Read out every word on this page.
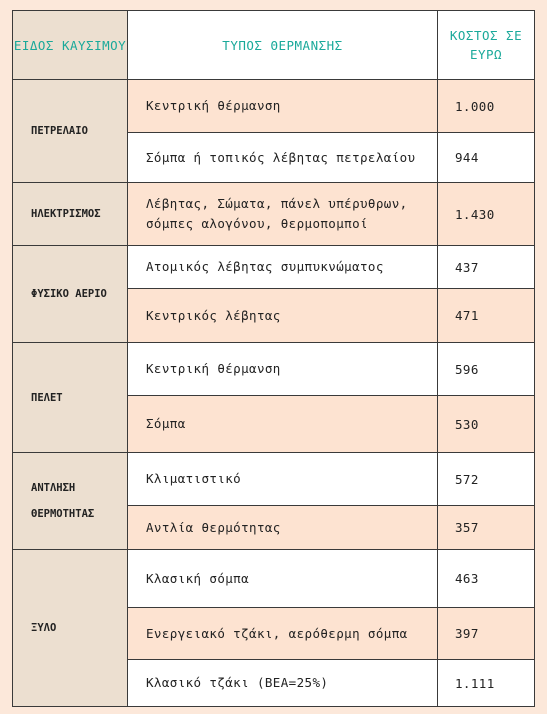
ΕΙΔΟΣ ΚΑΥΣΙΜΟΥ	ΤΥΠΟΣ ΘΕΡΜΑΝΣΗΣ	ΚΟΣΤΟΣ ΣΕ ΕΥΡΩ
ΠΕΤΡΕΛΑΙΟ	Κεντρική θέρμανση	1.000
	Σόμπα ή τοπικός λέβητας πετρελαίου	944
ΗΛΕΚΤΡΙΣΜΟΣ	Λέβητας, Σώματα, πάνελ υπέρυθρων, σόμπες αλογόνου, θερμοπομποί	1.430
ΦΥΣΙΚΟ ΑΕΡΙΟ	Ατομικός λέβητας συμπυκνώματος	437
	Κεντρικός λέβητας	471
ΠΕΛΕΤ	Κεντρική θέρμανση	596
	Σόμπα	530
ΑΝΤΛΗΣΗ ΘΕΡΜΟΤΗΤΑΣ	Κλιματιστικό	572
	Αντλία θερμότητας	357
ΞΥΛΟ	Κλασική σόμπα	463
	Ενεργειακό τζάκι, αερόθερμη σόμπα	397
	Κλασικό τζάκι (ΒΕΑ=25%)	1.111
